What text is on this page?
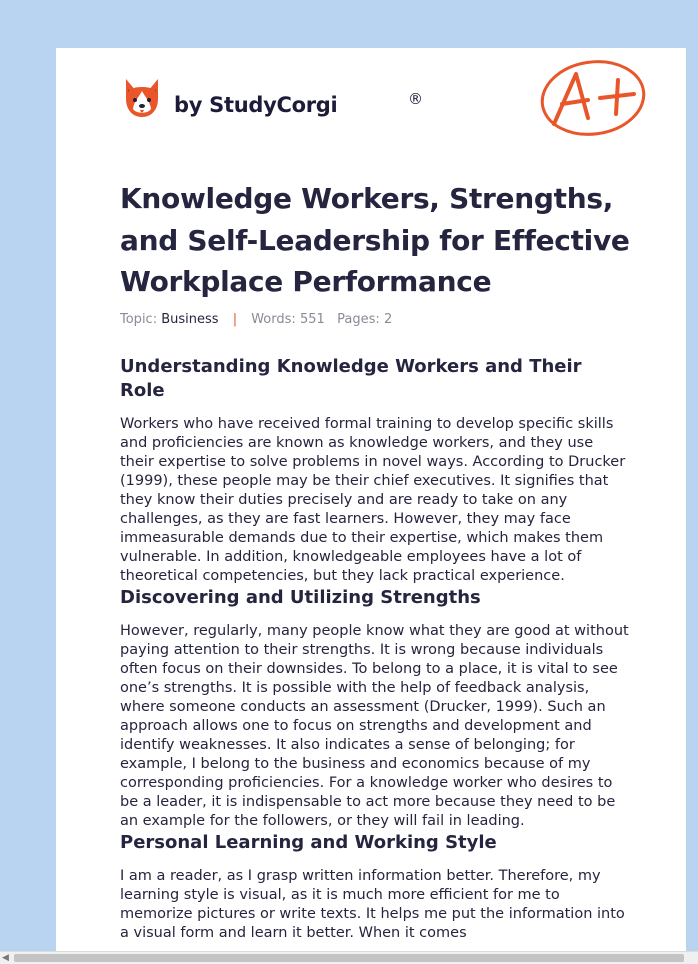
by StudyCorgi	®
Knowledge Workers, Strengths, and Self-Leadership for Effective Workplace Performance
Topic: Business | Words: 551 Pages: 2
Understanding Knowledge Workers and Their Role

Workers who have received formal training to develop specific skills and proficiencies are known as knowledge workers, and they use their expertise to solve problems in novel ways. According to Drucker (1999), these people may be their chief executives. It signifies that they know their duties precisely and are ready to take on any challenges, as they are fast learners. However, they may face immeasurable demands due to their expertise, which makes them vulnerable. In addition, knowledgeable employees have a lot of theoretical competencies, but they lack practical experience.

Discovering and Utilizing Strengths

However, regularly, many people know what they are good at without paying attention to their strengths. It is wrong because individuals often focus on their downsides. To belong to a place, it is vital to see one’s strengths. It is possible with the help of feedback analysis, where someone conducts an assessment (Drucker, 1999). Such an approach allows one to focus on strengths and development and identify weaknesses. It also indicates a sense of belonging; for example, I belong to the business and economics because of my corresponding proficiencies. For a knowledge worker who desires to be a leader, it is indispensable to act more because they need to be an example for the followers, or they will fail in leading.

Personal Learning and Working Style

I am a reader, as I grasp written information better. Therefore, my learning style is visual, as it is much more efficient for me to memorize pictures or write texts. It helps me put the information into a visual form and learn it better. When it comes

◀
